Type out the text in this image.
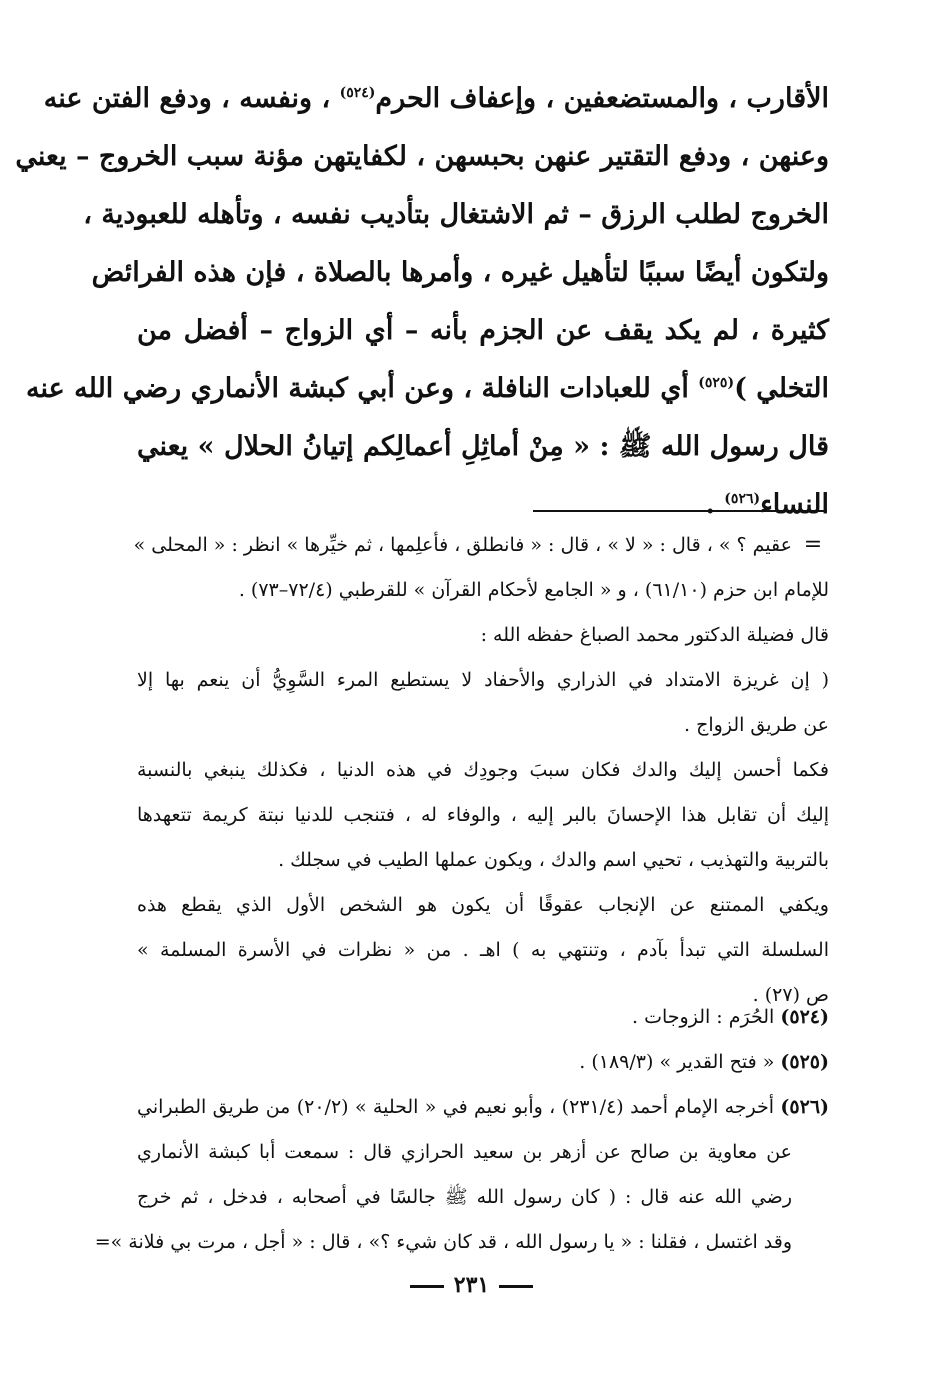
الأقارب ، والمستضعفين ، وإعفاف الحرم$^{(٥٢٤)}$ ، ونفسه ، ودفع الفتن عنه
وعنهن ، ودفع التقتير عنهن بحبسهن ، لكفايتهن مؤنة سبب الخروج – يعني
الخروج لطلب الرزق – ثم الاشتغال بتأديب نفسه ، وتأهله للعبودية ،
ولتكون أيضًا سببًا لتأهيل غيره ، وأمرها بالصلاة ، فإن هذه الفرائض
كثيرة ، لم يكد يقف عن الجزم بأنه – أي الزواج – أفضل من
التخلي )$^{(٥٢٥)}$ أي للعبادات النافلة ، وعن أبي كبشة الأنماري رضي الله عنه
قال رسول الله ﷺ : « مِنْ أماثِلِ أعمالِكم إتيانُ الحلال » يعني
النساء$^{(٥٢٦)}$ .
=
عقيم ؟ » ، قال : « لا » ، قال : « فانطلق ، فأعلِمها ، ثم خيِّرها » انظر : « المحلى »
للإمام ابن حزم (٦١/١٠) ، و « الجامع لأحكام القرآن » للقرطبي (٧٢/٤–٧٣) .
قال فضيلة الدكتور محمد الصباغ حفظه الله :
( إن غريزة الامتداد في الذراري والأحفاد لا يستطيع المرء السَّوِيُّ أن ينعم بها إلا
عن طريق الزواج .
فكما أحسن إليك والدك فكان سببَ وجودِك في هذه الدنيا ، فكذلك ينبغي بالنسبة
إليك أن تقابل هذا الإحسانَ بالبر إليه ، والوفاء له ، فتنجب للدنيا نبتة كريمة تتعهدها
بالتربية والتهذيب ، تحيي اسم والدك ، ويكون عملها الطيب في سجلك .
ويكفي الممتنع عن الإنجاب عقوقًا أن يكون هو الشخص الأول الذي يقطع هذه
السلسلة التي تبدأ بآدم ، وتنتهي به ) اهـ . من « نظرات في الأسرة المسلمة »
ص (٢٧) .
(٥٢٤) الحُرَم : الزوجات .
(٥٢٥) « فتح القدير » (١٨٩/٣) .
(٥٢٦) أخرجه الإمام أحمد (٢٣١/٤) ، وأبو نعيم في « الحلية » (٢٠/٢) من طريق الطبراني
عن معاوية بن صالح عن أزهر بن سعيد الحرازي قال : سمعت أبا كبشة الأنماري
رضي الله عنه قال : ( كان رسول الله ﷺ جالسًا في أصحابه ، فدخل ، ثم خرج
وقد اغتسل ، فقلنا : « يا رسول الله ، قد كان شيء ؟» ، قال : « أجل ، مرت بي فلانة »=
٢٣١
